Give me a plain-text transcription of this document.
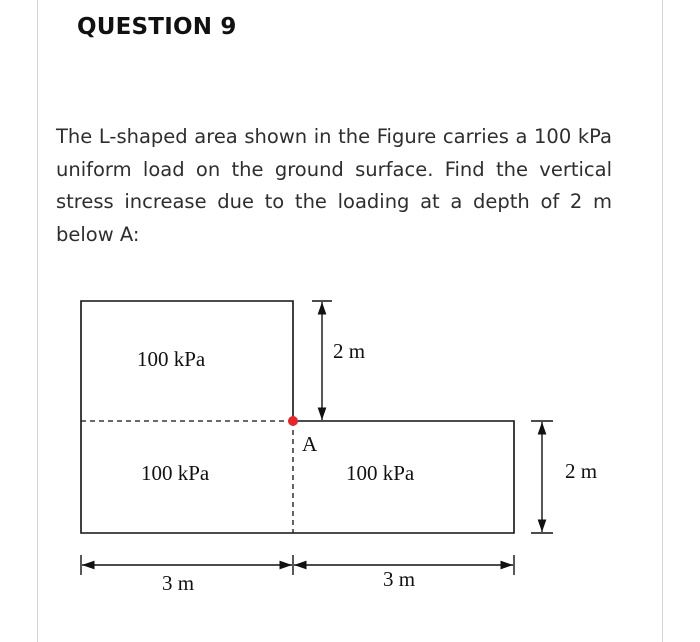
QUESTION 9

The L-shaped area shown in the Figure carries a 100 kPa uniform load on the ground surface. Find the vertical stress increase due to the loading at a depth of 2 m below A:

100 kPa
100 kPa	100 kPa
A
2 m
2 m
3 m	3 m
